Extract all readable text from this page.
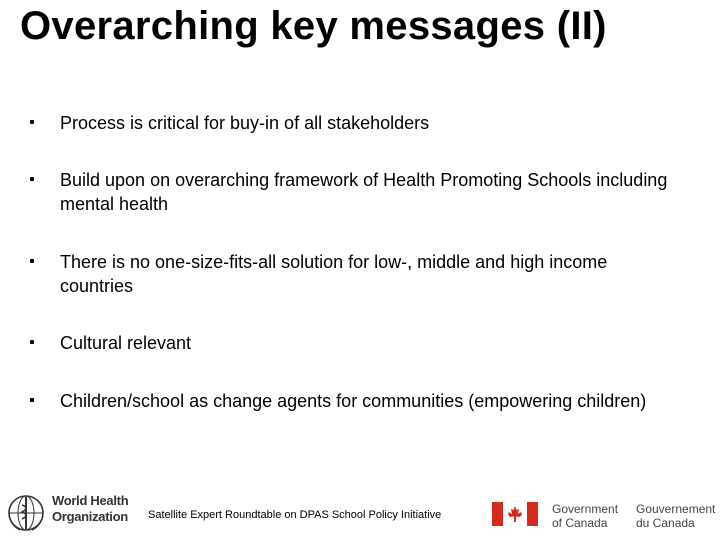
Overarching key messages (II)
Process is critical for buy-in of all stakeholders
Build upon on overarching framework of Health Promoting Schools including mental health
There is no one-size-fits-all solution for low-, middle and high income countries
Cultural relevant
Children/school as change agents for communities (empowering children)
World Health
Organization Satellite Expert Roundtable on DPAS School Policy Initiative	Government
of Canada
Gouvernement
du Canada
